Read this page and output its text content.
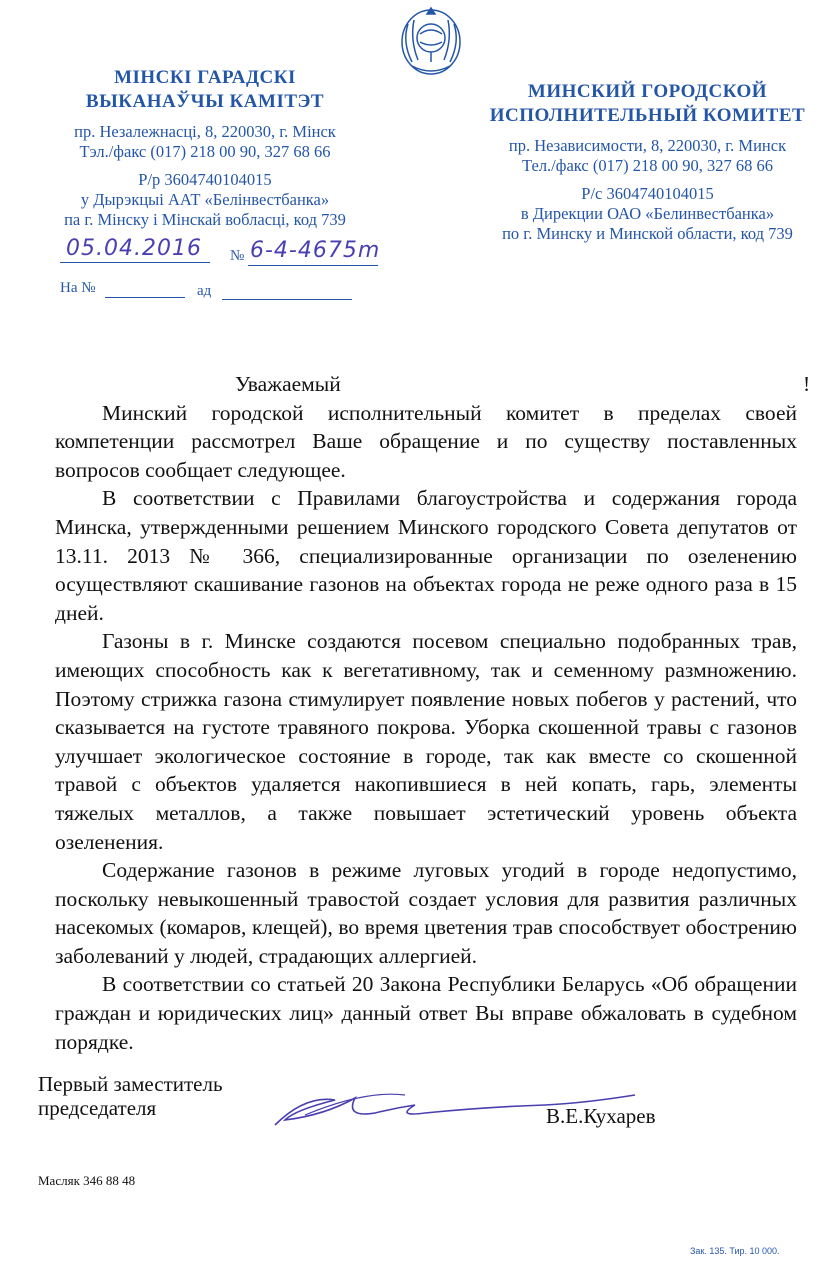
МІНСКІ ГАРАДСКІ
ВЫКАНАЎЧЫ КАМІТЭТ
пр. Незалежнасці, 8, 220030, г. Мінск
Тэл./факс (017) 218 00 90, 327 68 66
Р/р 3604740104015
у Дырэкцыі ААТ «Белінвестбанка»
па г. Мінску і Мінскай вобласці, код 739
МИНСКИЙ ГОРОДСКОЙ
ИСПОЛНИТЕЛЬНЫЙ КОМИТЕТ
пр. Независимости, 8, 220030, г. Минск
Тел./факс (017) 218 00 90, 327 68 66
Р/с 3604740104015
в Дирекции ОАО «Белинвестбанка»
по г. Минску и Минской области, код 739
05.04.2016 № 6-4-4675m
На №	ад

Уважаемый	!

Минский городской исполнительный комитет в пределах своей компетенции рассмотрел Ваше обращение и по существу поставленных вопросов сообщает следующее.

В соответствии с Правилами благоустройства и содержания города Минска, утвержденными решением Минского городского Совета депутатов от 13.11. 2013 № 366, специализированные организации по озеленению осуществляют скашивание газонов на объектах города не реже одного раза в 15 дней.

Газоны в г. Минске создаются посевом специально подобранных трав, имеющих способность как к вегетативному, так и семенному размножению. Поэтому стрижка газона стимулирует появление новых побегов у растений, что сказывается на густоте травяного покрова. Уборка скошенной травы с газонов улучшает экологическое состояние в городе, так как вместе со скошенной травой с объектов удаляется накопившиеся в ней копать, гарь, элементы тяжелых металлов, а также повышает эстетический уровень объекта озеленения.

Содержание газонов в режиме луговых угодий в городе недопустимо, поскольку невыкошенный травостой создает условия для развития различных насекомых (комаров, клещей), во время цветения трав способствует обострению заболеваний у людей, страдающих аллергией.

В соответствии со статьей 20 Закона Республики Беларусь «Об обращении граждан и юридических лиц» данный ответ Вы вправе обжаловать в судебном порядке.

Первый заместитель
председателя	В.Е.Кухарев
Масляк 346 88 48
Зак. 135. Тир. 10 000.
